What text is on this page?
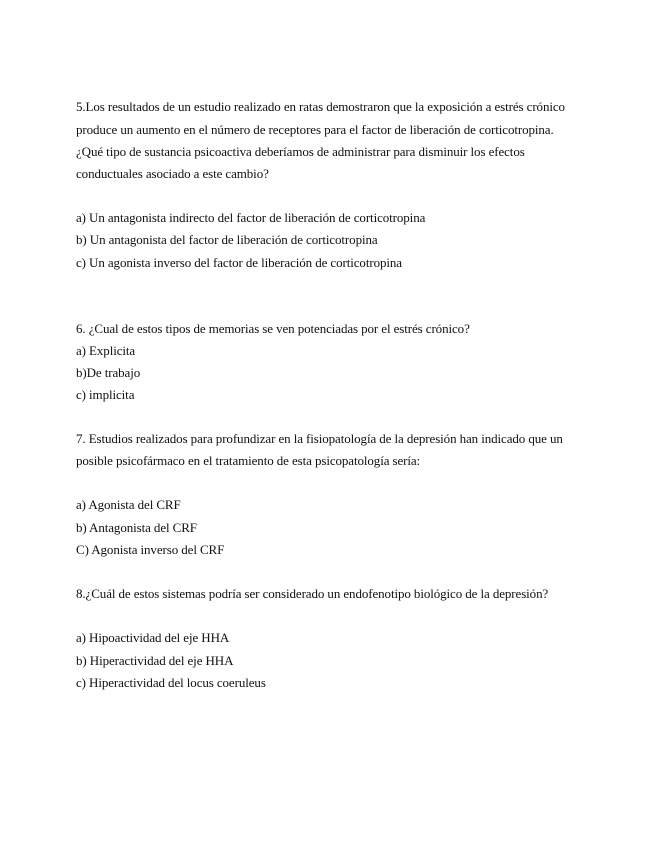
5.Los resultados de un estudio realizado en ratas demostraron que la exposición a estrés crónico
produce un aumento en el número de receptores para el factor de liberación de corticotropina.
¿Qué tipo de sustancia psicoactiva deberíamos de administrar para disminuir los efectos
conductuales asociado a este cambio?
a) Un antagonista indirecto del factor de liberación de corticotropina
b) Un antagonista del factor de liberación de corticotropina
c) Un agonista inverso del factor de liberación de corticotropina
6. ¿Cual de estos tipos de memorias se ven potenciadas por el estrés crónico?
a) Explicita
b)De trabajo
c) implicita
7. Estudios realizados para profundizar en la fisiopatología de la depresión han indicado que un
posible psicofármaco en el tratamiento de esta psicopatología sería:
a) Agonista del CRF
b) Antagonista del CRF
C) Agonista inverso del CRF
8.¿Cuál de estos sistemas podría ser considerado un endofenotipo biológico de la depresión?
a) Hipoactividad del eje HHA
b) Hiperactividad del eje HHA
c) Hiperactividad del locus coeruleus
